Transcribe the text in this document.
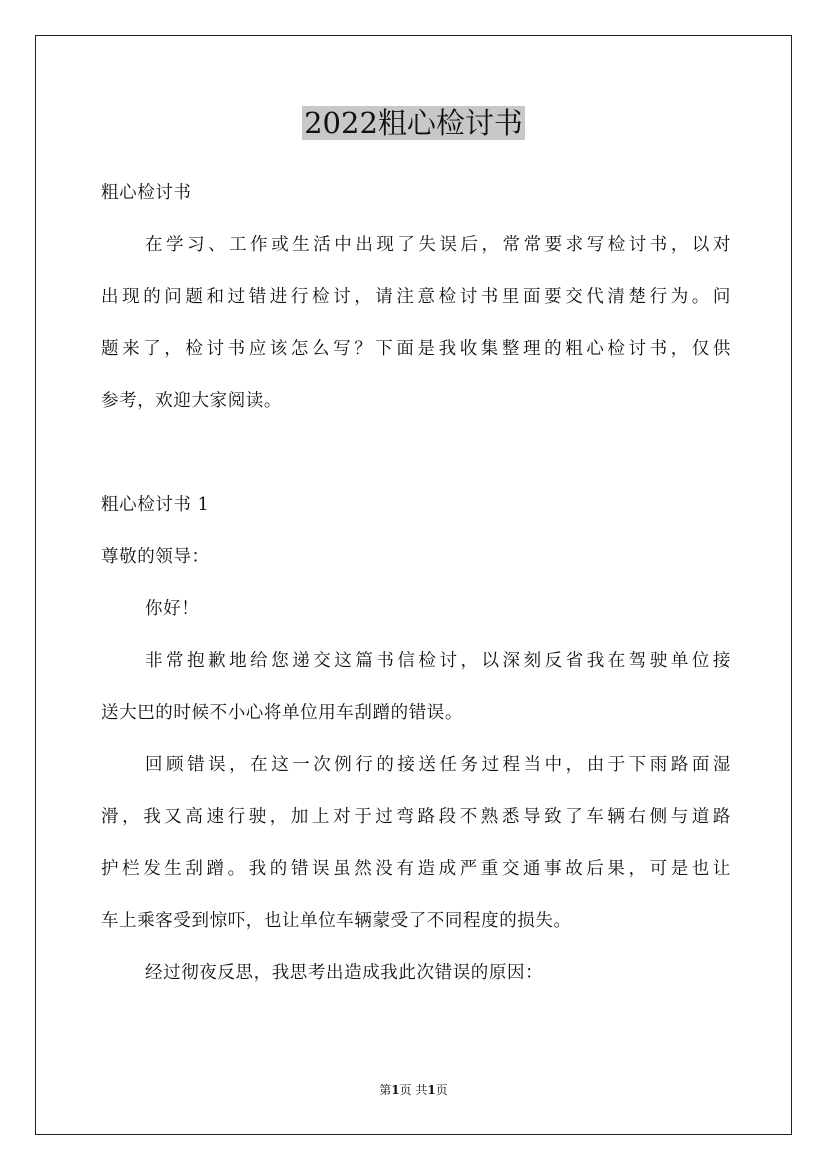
2022粗心检讨书
粗心检讨书
在学习、工作或生活中出现了失误后，常常要求写检讨书，以对
出现的问题和过错进行检讨，请注意检讨书里面要交代清楚行为。问
题来了，检讨书应该怎么写？下面是我收集整理的粗心检讨书，仅供
参考，欢迎大家阅读。
粗心检讨书 1
尊敬的领导：
你好！
非常抱歉地给您递交这篇书信检讨，以深刻反省我在驾驶单位接
送大巴的时候不小心将单位用车刮蹭的错误。
回顾错误，在这一次例行的接送任务过程当中，由于下雨路面湿
滑，我又高速行驶，加上对于过弯路段不熟悉导致了车辆右侧与道路
护栏发生刮蹭。我的错误虽然没有造成严重交通事故后果，可是也让
车上乘客受到惊吓，也让单位车辆蒙受了不同程度的损失。
经过彻夜反思，我思考出造成我此次错误的原因：
第1页 共1页
